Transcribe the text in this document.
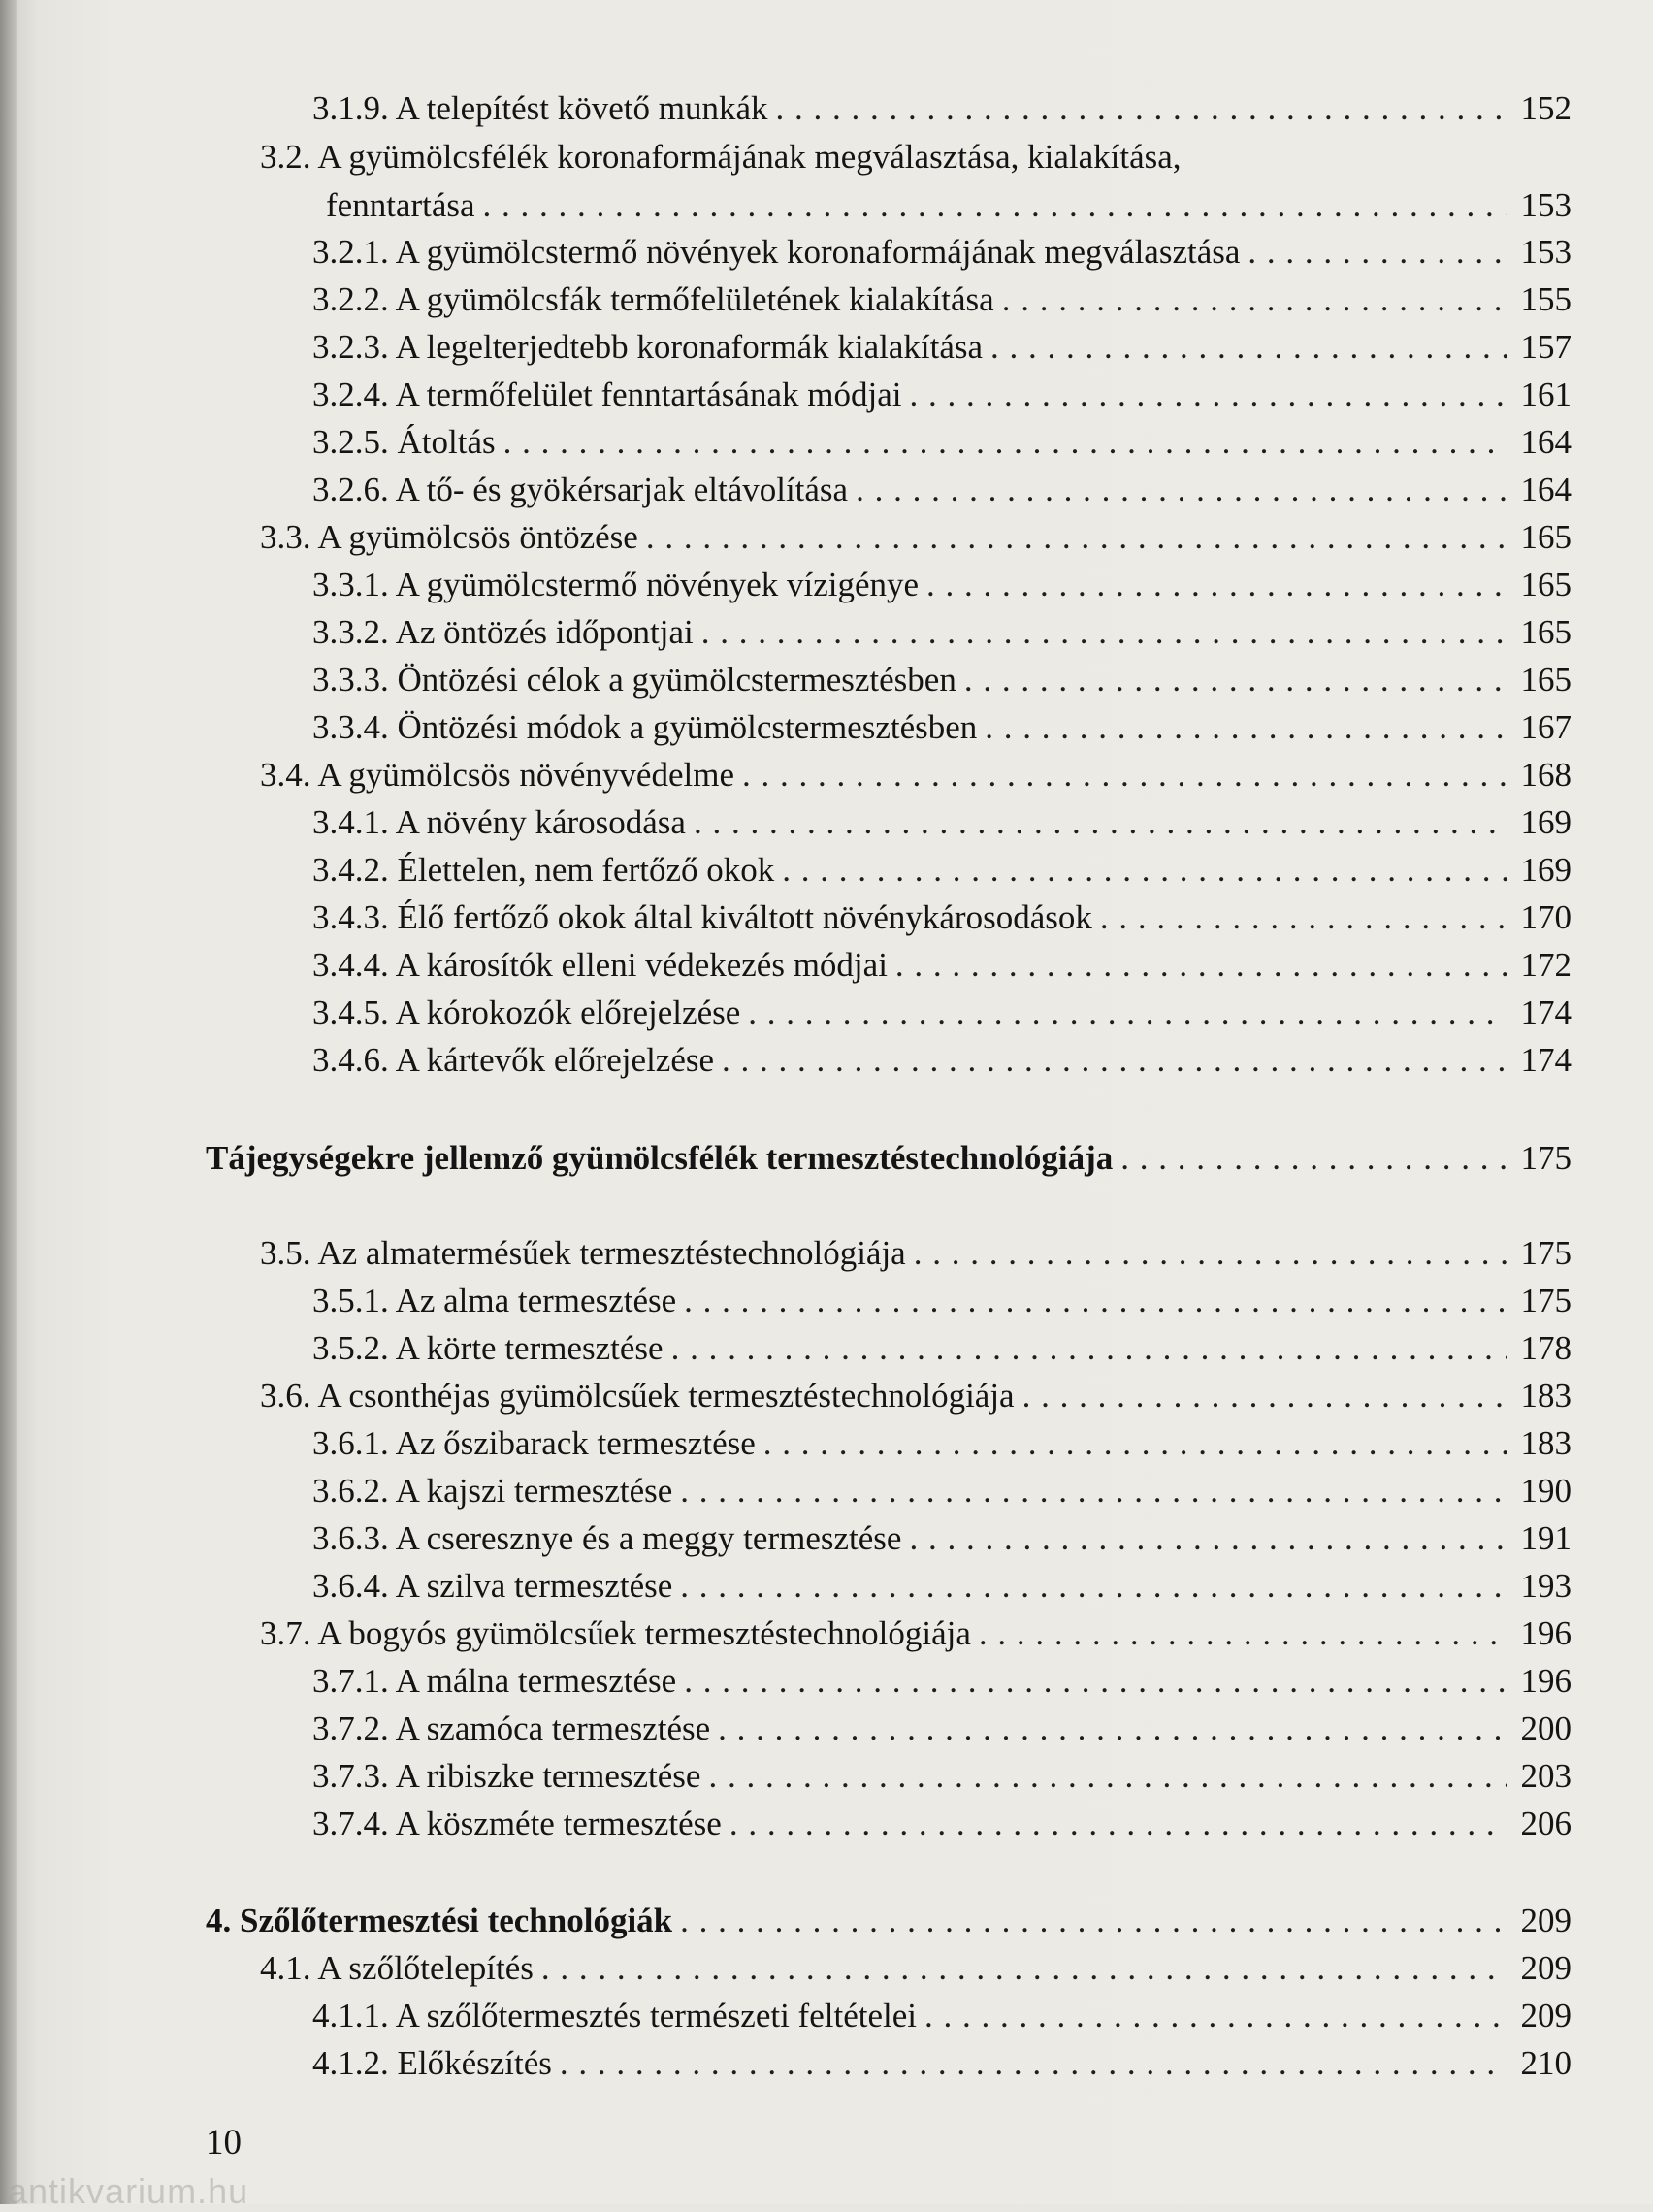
3.1.9. A telepítést követő munkák . . .	152
3.2. A gyümölcsfélék koronaformájának megválasztása, kialakítása,
fenntartása . . .	153
3.2.1. A gyümölcstermő növények koronaformájának megválasztása . . .	153
3.2.2. A gyümölcsfák termőfelületének kialakítása . . .	155
3.2.3. A legelterjedtebb koronaformák kialakítása . . .	157
3.2.4. A termőfelület fenntartásának módjai . . .	161
3.2.5. Átoltás . . .	164
3.2.6. A tő- és gyökérsarjak eltávolítása . . .	164
3.3. A gyümölcsös öntözése . . .	165
3.3.1. A gyümölcstermő növények vízigénye . . .	165
3.3.2. Az öntözés időpontjai . . .	165
3.3.3. Öntözési célok a gyümölcstermesztésben . . .	165
3.3.4. Öntözési módok a gyümölcstermesztésben . . .	167
3.4. A gyümölcsös növényvédelme . . .	168
3.4.1. A növény károsodása . . .	169
3.4.2. Élettelen, nem fertőző okok . . .	169
3.4.3. Élő fertőző okok által kiváltott növénykárosodások . . .	170
3.4.4. A károsítók elleni védekezés módjai . . .	172
3.4.5. A kórokozók előrejelzése . . .	174
3.4.6. A kártevők előrejelzése . . .	174
Tájegységekre jellemző gyümölcsfélék termesztéstechnológiája . . .	175
3.5. Az almatermésűek termesztéstechnológiája . . .	175
3.5.1. Az alma termesztése . . .	175
3.5.2. A körte termesztése . . .	178
3.6. A csonthéjas gyümölcsűek termesztéstechnológiája . . .	183
3.6.1. Az őszibarack termesztése . . .	183
3.6.2. A kajszi termesztése . . .	190
3.6.3. A cseresznye és a meggy termesztése . . .	191
3.6.4. A szilva termesztése . . .	193
3.7. A bogyós gyümölcsűek termesztéstechnológiája . . .	196
3.7.1. A málna termesztése . . .	196
3.7.2. A szamóca termesztése . . .	200
3.7.3. A ribiszke termesztése . . .	203
3.7.4. A köszméte termesztése . . .	206
4. Szőlőtermesztési technológiák . . .	209
4.1. A szőlőtelepítés . . .	209
4.1.1. A szőlőtermesztés természeti feltételei . . .	209
4.1.2. Előkészítés . . .	210
10
antikvarium.hu
